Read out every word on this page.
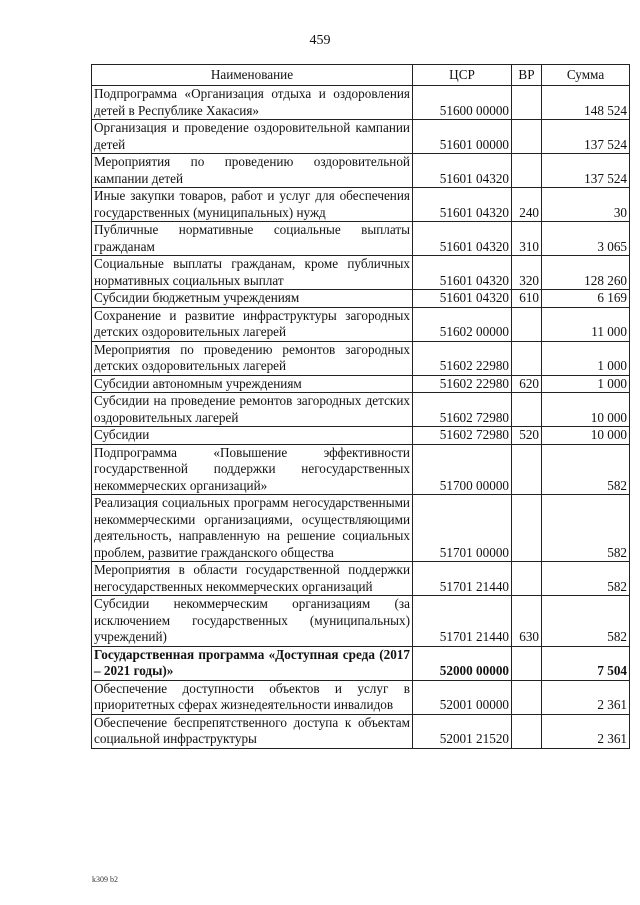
459
Наименование	ЦСР	ВР	Сумма
Подпрограмма «Организация отдыха и оздоровления детей в Республике Хакасия»	51600 00000		148 524
Организация и проведение оздоровительной кампании детей	51601 00000		137 524
Мероприятия по проведению оздоровительной кампании детей	51601 04320		137 524
Иные закупки товаров, работ и услуг для обеспечения государственных (муниципальных) нужд	51601 04320	240	30
Публичные нормативные социальные выплаты гражданам	51601 04320	310	3 065
Социальные выплаты гражданам, кроме публичных нормативных социальных выплат	51601 04320	320	128 260
Субсидии бюджетным учреждениям	51601 04320	610	6 169
Сохранение и развитие инфраструктуры загородных детских оздоровительных лагерей	51602 00000		11 000
Мероприятия по проведению ремонтов загородных детских оздоровительных лагерей	51602 22980		1 000
Субсидии автономным учреждениям	51602 22980	620	1 000
Субсидии на проведение ремонтов загородных детских оздоровительных лагерей	51602 72980		10 000
Субсидии	51602 72980	520	10 000
Подпрограмма «Повышение эффективности государственной поддержки негосударственных некоммерческих организаций»	51700 00000		582
Реализация социальных программ негосударственными некоммерческими организациями, осуществляющими деятельность, направленную на решение социальных проблем, развитие гражданского общества	51701 00000		582
Мероприятия в области государственной поддержки негосударственных некоммерческих организаций	51701 21440		582
Субсидии некоммерческим организациям (за исключением государственных (муниципальных) учреждений)	51701 21440	630	582
Государственная программа «Доступная среда (2017 – 2021 годы)»	52000 00000		7 504
Обеспечение доступности объектов и услуг в приоритетных сферах жизнедеятельности инвалидов	52001 00000		2 361
Обеспечение беспрепятственного доступа к объектам социальной инфраструктуры	52001 21520		2 361
k309 b2
